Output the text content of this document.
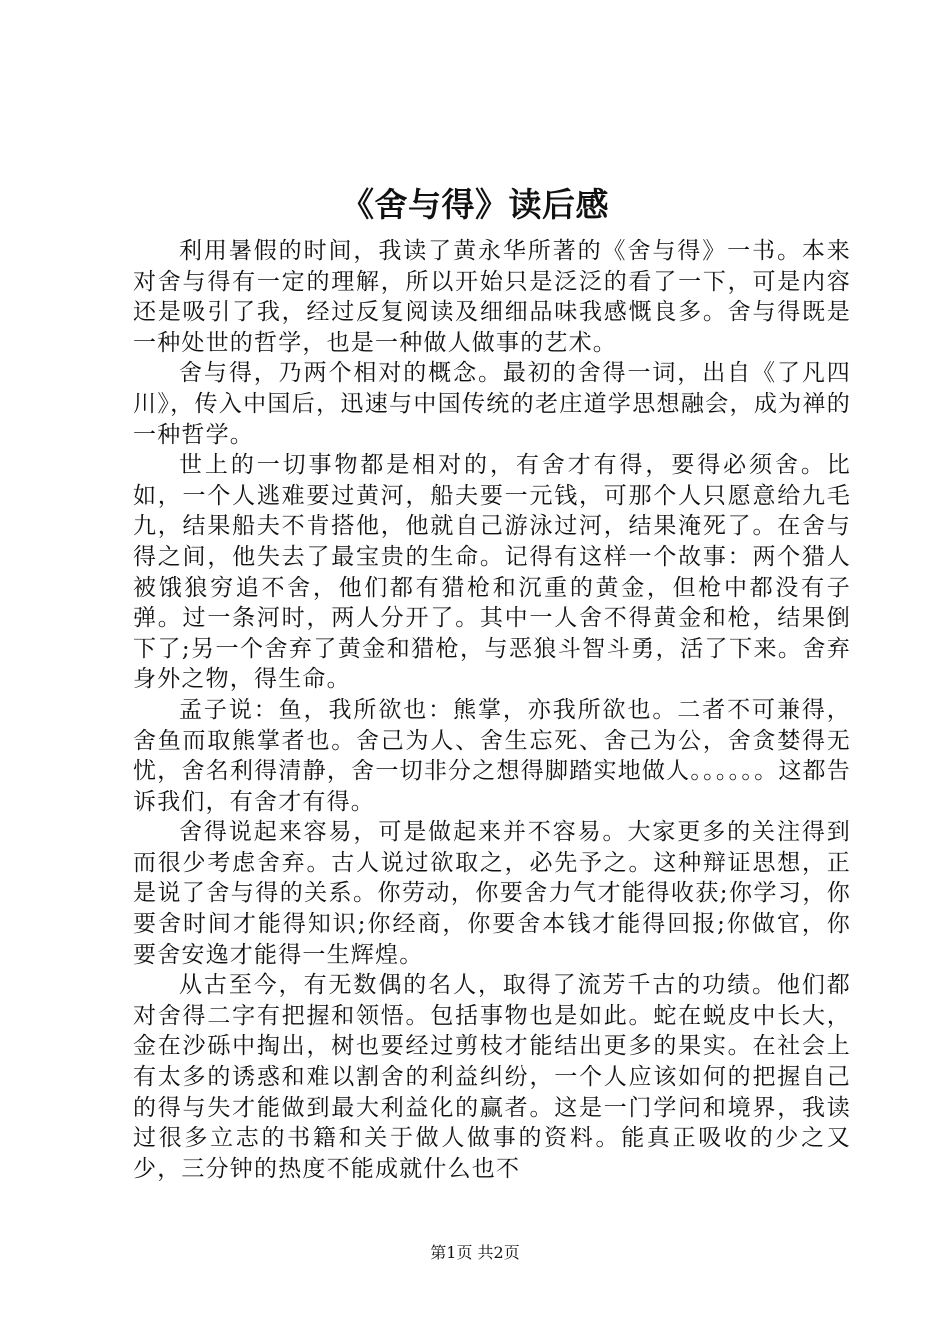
《舍与得》读后感

利用暑假的时间，我读了黄永华所著的《舍与得》一书。本来对舍与得有一定的理解，所以开始只是泛泛的看了一下，可是内容还是吸引了我，经过反复阅读及细细品味我感慨良多。舍与得既是一种处世的哲学，也是一种做人做事的艺术。

舍与得，乃两个相对的概念。最初的舍得一词，出自《了凡四川》，传入中国后，迅速与中国传统的老庄道学思想融会，成为禅的一种哲学。

世上的一切事物都是相对的，有舍才有得，要得必须舍。比如，一个人逃难要过黄河，船夫要一元钱，可那个人只愿意给九毛九，结果船夫不肯搭他，他就自己游泳过河，结果淹死了。在舍与得之间，他失去了最宝贵的生命。记得有这样一个故事：两个猎人被饿狼穷追不舍，他们都有猎枪和沉重的黄金，但枪中都没有子弹。过一条河时，两人分开了。其中一人舍不得黄金和枪，结果倒下了;另一个舍弃了黄金和猎枪，与恶狼斗智斗勇，活了下来。舍弃身外之物，得生命。

孟子说：鱼，我所欲也：熊掌，亦我所欲也。二者不可兼得，舍鱼而取熊掌者也。舍己为人、舍生忘死、舍己为公，舍贪婪得无忧，舍名利得清静，舍一切非分之想得脚踏实地做人。。。。。。这都告诉我们，有舍才有得。

舍得说起来容易，可是做起来并不容易。大家更多的关注得到而很少考虑舍弃。古人说过欲取之，必先予之。这种辩证思想，正是说了舍与得的关系。你劳动，你要舍力气才能得收获;你学习，你要舍时间才能得知识;你经商，你要舍本钱才能得回报;你做官，你要舍安逸才能得一生辉煌。

从古至今，有无数偶的名人，取得了流芳千古的功绩。他们都对舍得二字有把握和领悟。包括事物也是如此。蛇在蜕皮中长大，金在沙砾中掏出，树也要经过剪枝才能结出更多的果实。在社会上有太多的诱惑和难以割舍的利益纠纷，一个人应该如何的把握自己的得与失才能做到最大利益化的赢者。这是一门学问和境界，我读过很多立志的书籍和关于做人做事的资料。能真正吸收的少之又少，三分钟的热度不能成就什么也不

第1页 共2页
